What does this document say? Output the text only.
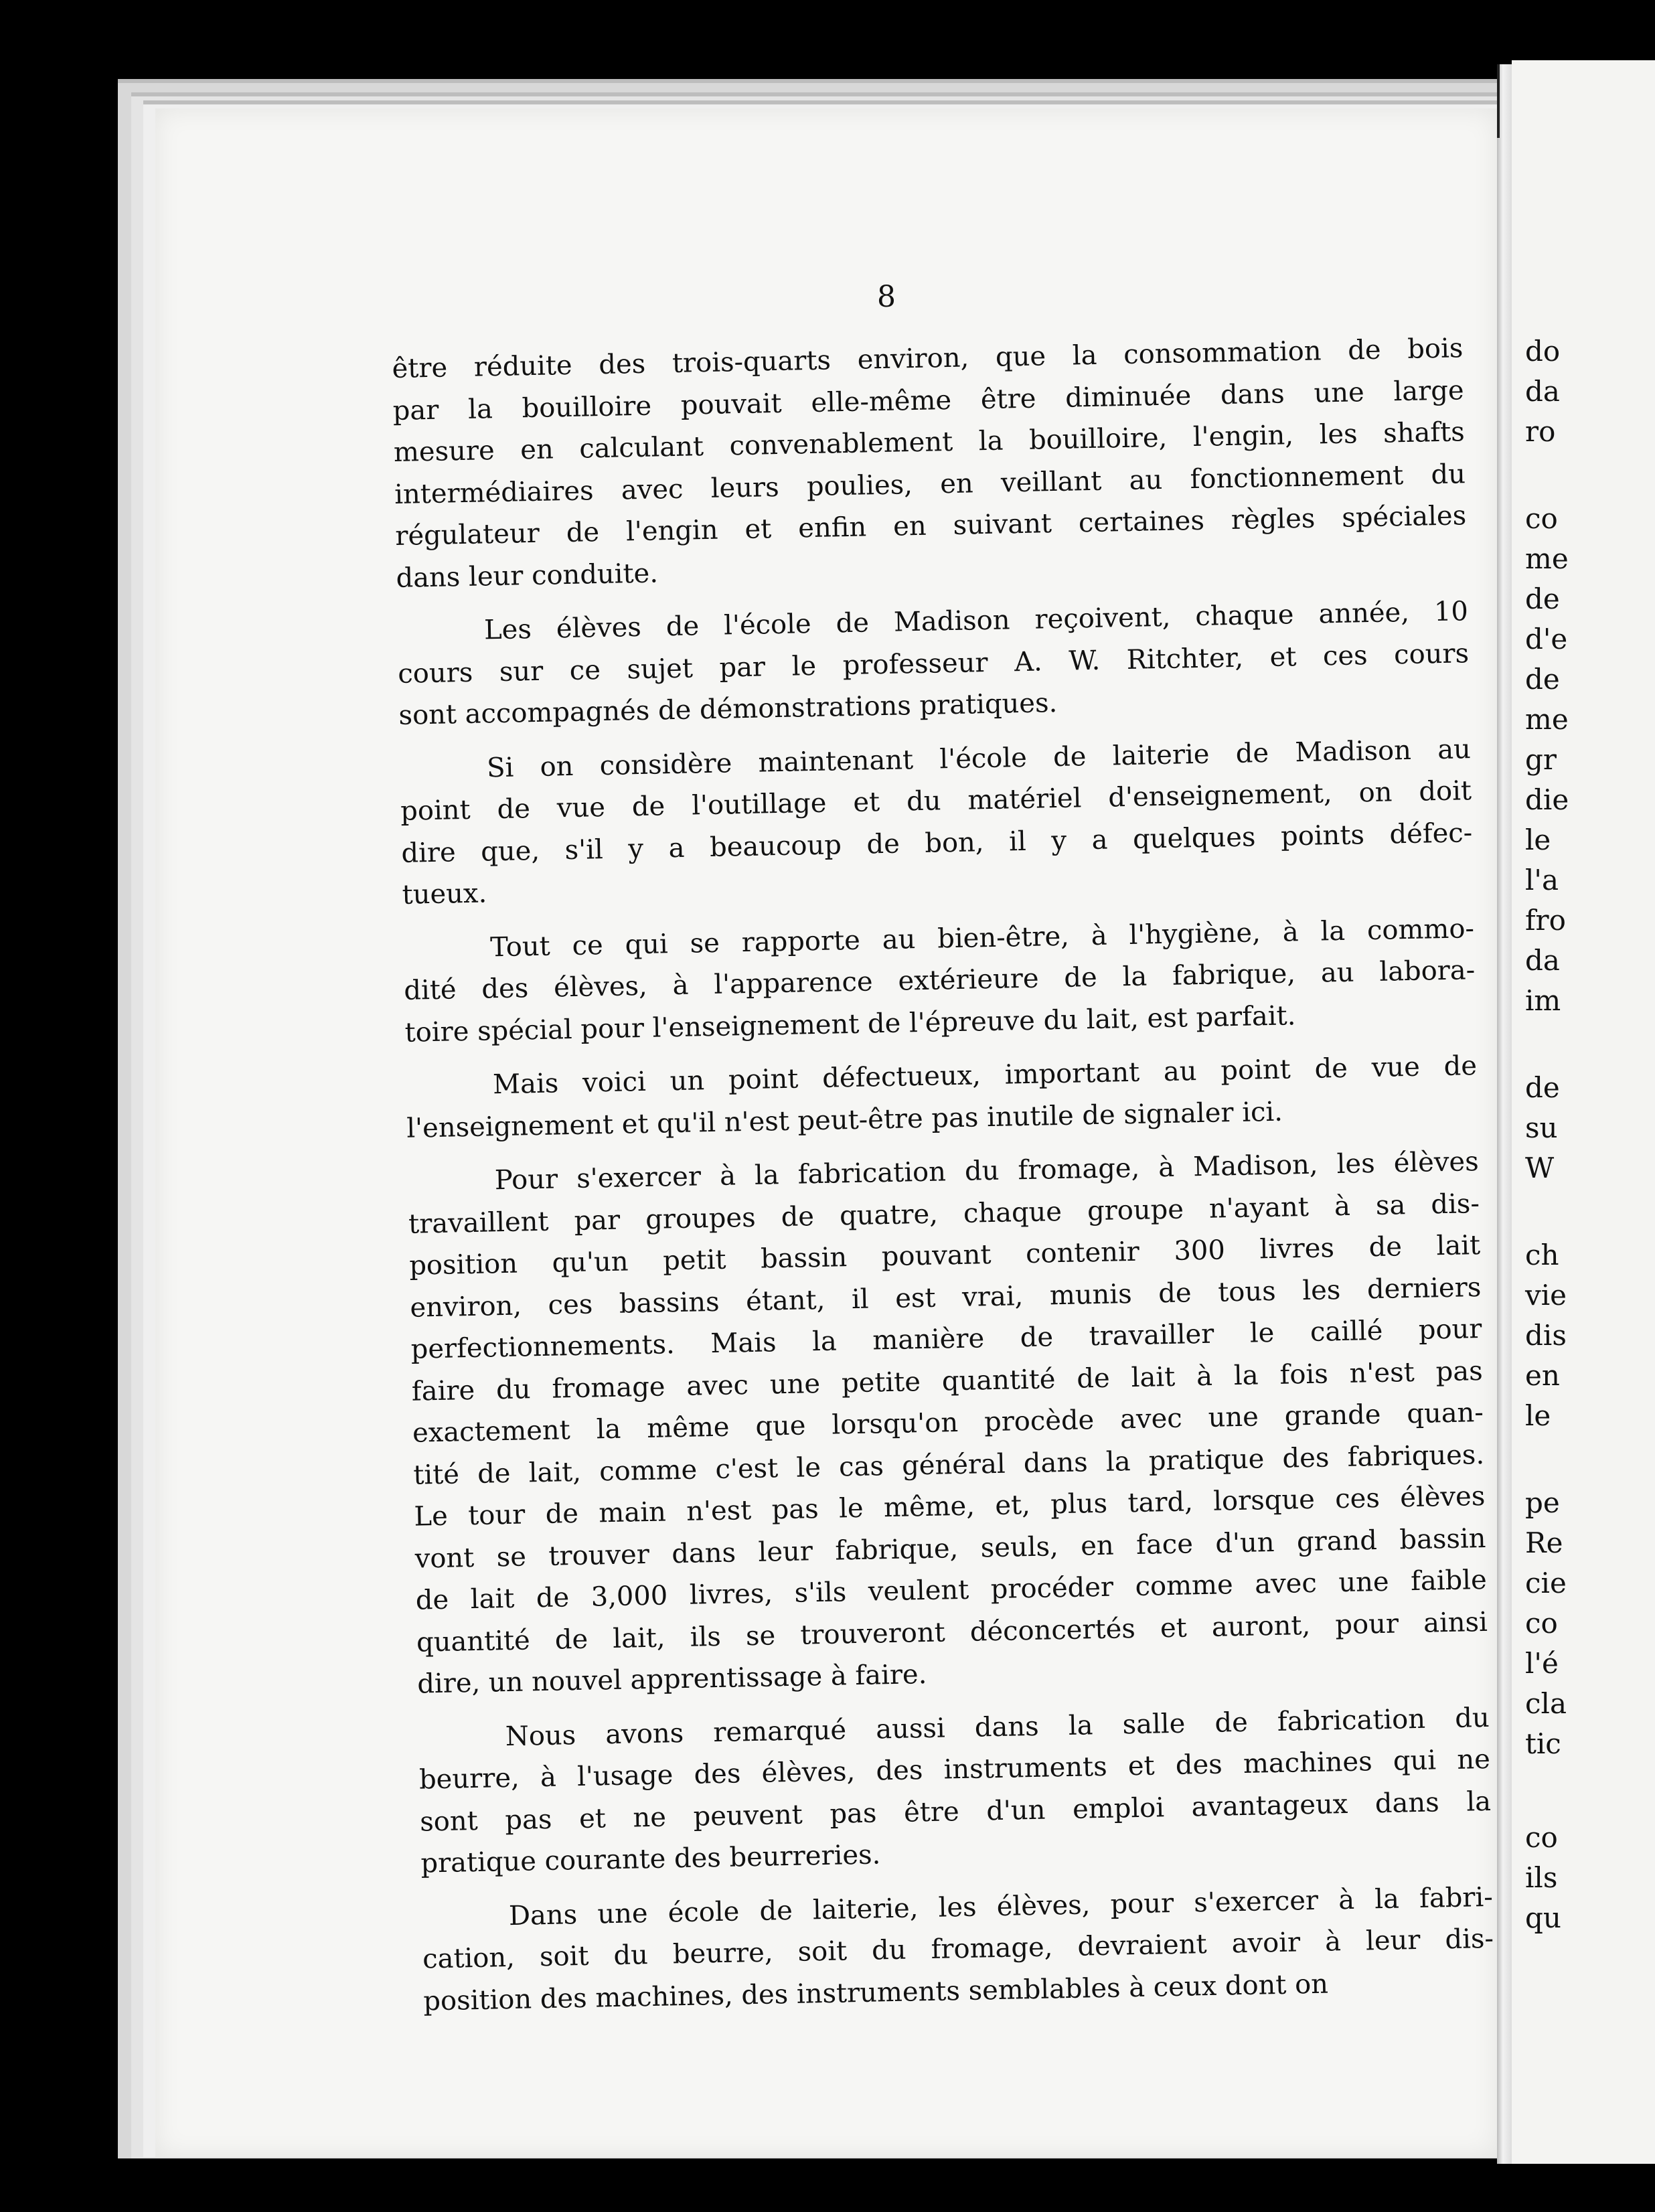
8
être réduite des trois-quarts environ, que la consommation de bois
par la bouilloire pouvait elle-même être diminuée dans une large
mesure en calculant convenablement la bouilloire, l'engin, les shafts
intermédiaires avec leurs poulies, en veillant au fonctionnement du
régulateur de l'engin et enfin en suivant certaines règles spéciales
dans leur conduite.
Les élèves de l'école de Madison reçoivent, chaque année, 10
cours sur ce sujet par le professeur A. W. Ritchter, et ces cours
sont accompagnés de démonstrations pratiques.
Si on considère maintenant l'école de laiterie de Madison au
point de vue de l'outillage et du matériel d'enseignement, on doit
dire que, s'il y a beaucoup de bon, il y a quelques points défec-
tueux.
Tout ce qui se rapporte au bien-être, à l'hygiène, à la commo-
dité des élèves, à l'apparence extérieure de la fabrique, au labora-
toire spécial pour l'enseignement de l'épreuve du lait, est parfait.
Mais voici un point défectueux, important au point de vue de
l'enseignement et qu'il n'est peut-être pas inutile de signaler ici.
Pour s'exercer à la fabrication du fromage, à Madison, les élèves
travaillent par groupes de quatre, chaque groupe n'ayant à sa dis-
position qu'un petit bassin pouvant contenir 300 livres de lait
environ, ces bassins étant, il est vrai, munis de tous les derniers
perfectionnements. Mais la manière de travailler le caillé pour
faire du fromage avec une petite quantité de lait à la fois n'est pas
exactement la même que lorsqu'on procède avec une grande quan-
tité de lait, comme c'est le cas général dans la pratique des fabriques.
Le tour de main n'est pas le même, et, plus tard, lorsque ces élèves
vont se trouver dans leur fabrique, seuls, en face d'un grand bassin
de lait de 3,000 livres, s'ils veulent procéder comme avec une faible
quantité de lait, ils se trouveront déconcertés et auront, pour ainsi
dire, un nouvel apprentissage à faire.
Nous avons remarqué aussi dans la salle de fabrication du
beurre, à l'usage des élèves, des instruments et des machines qui ne
sont pas et ne peuvent pas être d'un emploi avantageux dans la
pratique courante des beurreries.
Dans une école de laiterie, les élèves, pour s'exercer à la fabri-
cation, soit du beurre, soit du fromage, devraient avoir à leur dis-
position des machines, des instruments semblables à ceux dont on
do
da
ro
co
me
de
d'e
de
me
gr
die
le
l'a
fro
da
im
de
su
W
ch
vie
dis
en
le
pe
Re
cie
co
l'é
cla
tic
co
ils
qu
